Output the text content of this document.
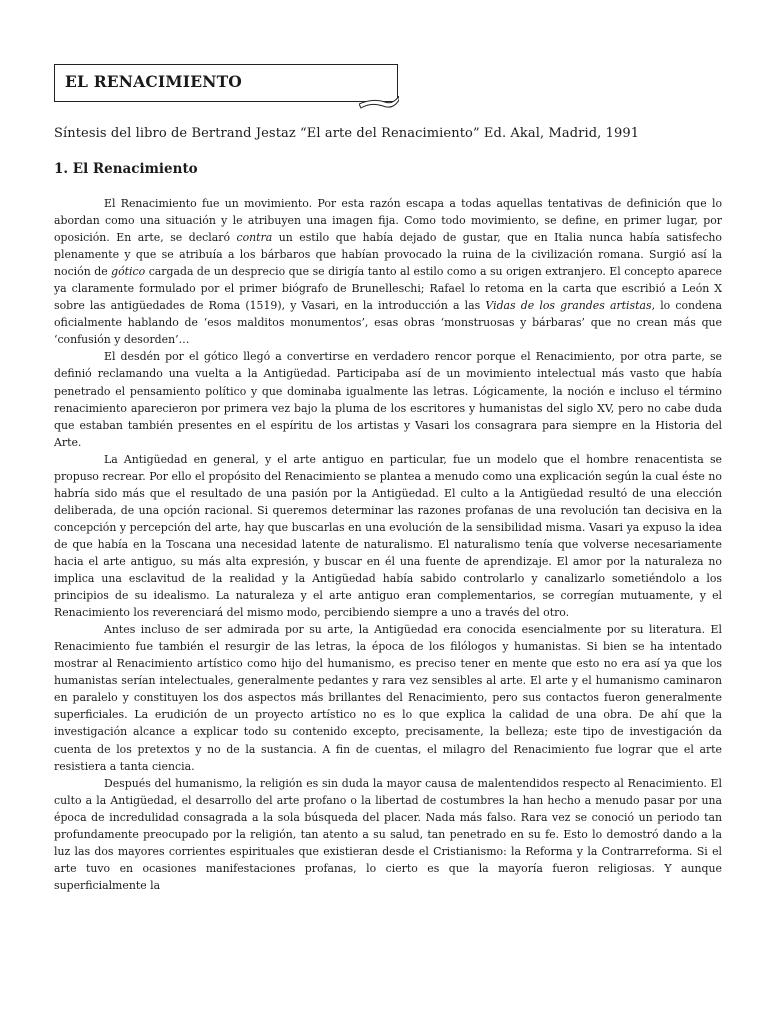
EL RENACIMIENTO
Síntesis del libro de Bertrand Jestaz “El arte del Renacimiento” Ed. Akal, Madrid, 1991
1. El Renacimiento

El Renacimiento fue un movimiento. Por esta razón escapa a todas aquellas tentativas de definición que lo abordan como una situación y le atribuyen una imagen fija. Como todo movimiento, se define, en primer lugar, por oposición. En arte, se declaró contra un estilo que había dejado de gustar, que en Italia nunca había satisfecho plenamente y que se atribuía a los bárbaros que habían provocado la ruina de la civilización romana. Surgió así la noción de gótico cargada de un desprecio que se dirigía tanto al estilo como a su origen extranjero. El concepto aparece ya claramente formulado por el primer biógrafo de Brunelleschi; Rafael lo retoma en la carta que escribió a León X sobre las antigüedades de Roma (1519), y Vasari, en la introducción a las Vidas de los grandes artistas, lo condena oficialmente hablando de ‘esos malditos monumentos’, esas obras ‘monstruosas y bárbaras’ que no crean más que ‘confusión y desorden’…

El desdén por el gótico llegó a convertirse en verdadero rencor porque el Renacimiento, por otra parte, se definió reclamando una vuelta a la Antigüedad. Participaba así de un movimiento intelectual más vasto que había penetrado el pensamiento político y que dominaba igualmente las letras. Lógicamente, la noción e incluso el término renacimiento aparecieron por primera vez bajo la pluma de los escritores y humanistas del siglo XV, pero no cabe duda que estaban también presentes en el espíritu de los artistas y Vasari los consagrara para siempre en la Historia del Arte.

La Antigüedad en general, y el arte antiguo en particular, fue un modelo que el hombre renacentista se propuso recrear. Por ello el propósito del Renacimiento se plantea a menudo como una explicación según la cual éste no habría sido más que el resultado de una pasión por la Antigüedad. El culto a la Antigüedad resultó de una elección deliberada, de una opción racional. Si queremos determinar las razones profanas de una revolución tan decisiva en la concepción y percepción del arte, hay que buscarlas en una evolución de la sensibilidad misma. Vasari ya expuso la idea de que había en la Toscana una necesidad latente de naturalismo. El naturalismo tenía que volverse necesariamente hacia el arte antiguo, su más alta expresión, y buscar en él una fuente de aprendizaje. El amor por la naturaleza no implica una esclavitud de la realidad y la Antigüedad había sabido controlarlo y canalizarlo sometiéndolo a los principios de su idealismo. La naturaleza y el arte antiguo eran complementarios, se corregían mutuamente, y el Renacimiento los reverenciará del mismo modo, percibiendo siempre a uno a través del otro.

Antes incluso de ser admirada por su arte, la Antigüedad era conocida esencialmente por su literatura. El Renacimiento fue también el resurgir de las letras, la época de los filólogos y humanistas. Si bien se ha intentado mostrar al Renacimiento artístico como hijo del humanismo, es preciso tener en mente que esto no era así ya que los humanistas serían intelectuales, generalmente pedantes y rara vez sensibles al arte. El arte y el humanismo caminaron en paralelo y constituyen los dos aspectos más brillantes del Renacimiento, pero sus contactos fueron generalmente superficiales. La erudición de un proyecto artístico no es lo que explica la calidad de una obra. De ahí que la investigación alcance a explicar todo su contenido excepto, precisamente, la belleza; este tipo de investigación da cuenta de los pretextos y no de la sustancia. A fin de cuentas, el milagro del Renacimiento fue lograr que el arte resistiera a tanta ciencia.

Después del humanismo, la religión es sin duda la mayor causa de malentendidos respecto al Renacimiento. El culto a la Antigüedad, el desarrollo del arte profano o la libertad de costumbres la han hecho a menudo pasar por una época de incredulidad consagrada a la sola búsqueda del placer. Nada más falso. Rara vez se conoció un periodo tan profundamente preocupado por la religión, tan atento a su salud, tan penetrado en su fe. Esto lo demostró dando a la luz las dos mayores corrientes espirituales que existieran desde el Cristianismo: la Reforma y la Contrarreforma. Si el arte tuvo en ocasiones manifestaciones profanas, lo cierto es que la mayoría fueron religiosas. Y aunque superficialmente la
